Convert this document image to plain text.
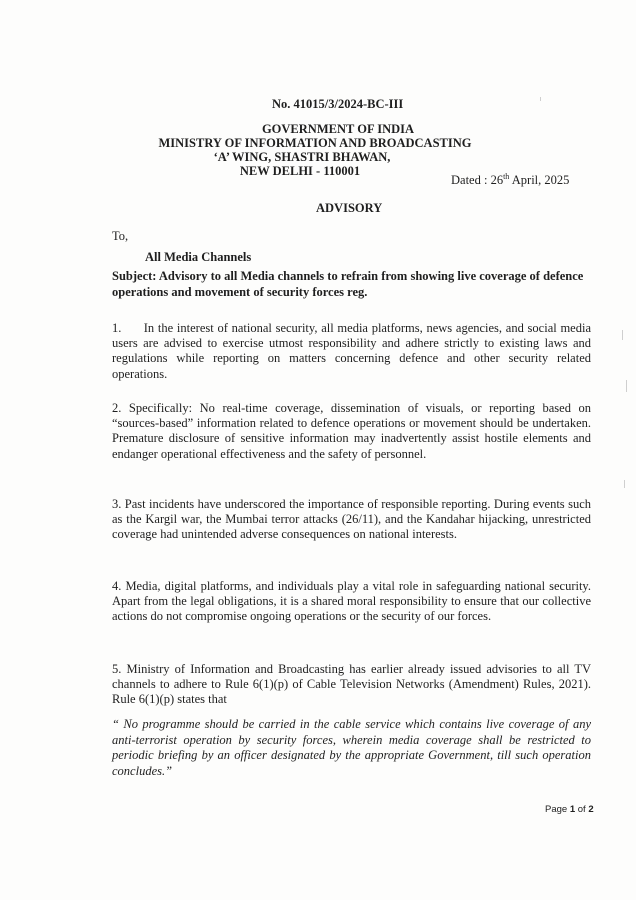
No. 41015/3/2024-BC-III
GOVERNMENT OF INDIA
MINISTRY OF INFORMATION AND BROADCASTING
‘A’ WING, SHASTRI BHAWAN,
NEW DELHI - 110001
Dated : 26th April, 2025
ADVISORY
To,
All Media Channels
Subject: Advisory to all Media channels to refrain from showing live coverage of defence operations and movement of security forces reg.
1.      In the interest of national security, all media platforms, news agencies, and social media users are advised to exercise utmost responsibility and adhere strictly to existing laws and regulations while reporting on matters concerning defence and other security related operations.
2. Specifically: No real-time coverage, dissemination of visuals, or reporting based on “sources-based” information related to defence operations or movement should be undertaken. Premature disclosure of sensitive information may inadvertently assist hostile elements and endanger operational effectiveness and the safety of personnel.
3. Past incidents have underscored the importance of responsible reporting. During events such as the Kargil war, the Mumbai terror attacks (26/11), and the Kandahar hijacking, unrestricted coverage had unintended adverse consequences on national interests.
4. Media, digital platforms, and individuals play a vital role in safeguarding national security. Apart from the legal obligations, it is a shared moral responsibility to ensure that our collective actions do not compromise ongoing operations or the security of our forces.
5. Ministry of Information and Broadcasting has earlier already issued advisories to all TV channels to adhere to Rule 6(1)(p) of Cable Television Networks (Amendment) Rules, 2021). Rule 6(1)(p) states that
“ No programme should be carried in the cable service which contains live coverage of any anti-terrorist operation by security forces, wherein media coverage shall be restricted to periodic briefing by an officer designated by the appropriate Government, till such operation concludes.”
Page 1 of 2
